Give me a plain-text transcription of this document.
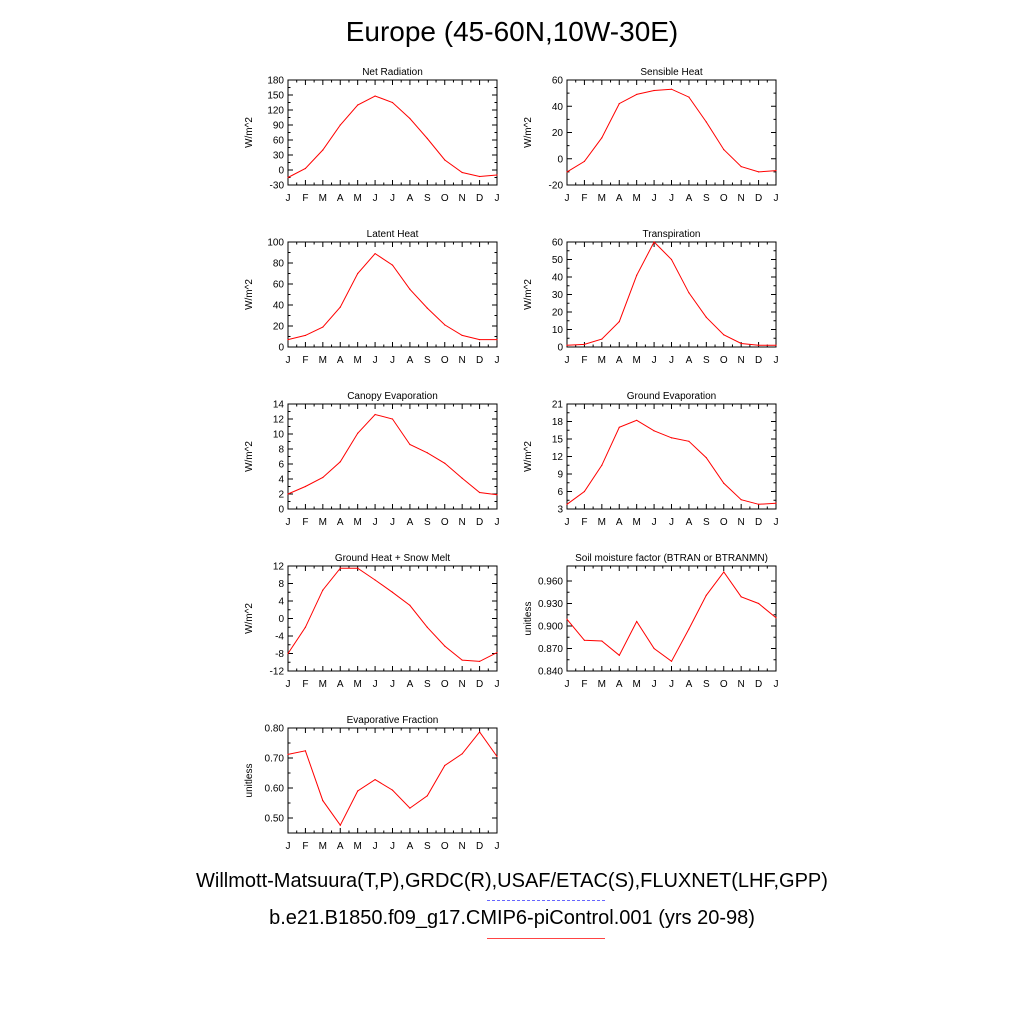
Europe (45-60N,10W-30E)
Net Radiation
W/m^2
J F M A M J J A S O N D J
-30
0
30
60
90
120
150
180
Sensible Heat
W/m^2
J F M A M J J A S O N D J
-20
0
20
40
60
Latent Heat
W/m^2
J F M A M J J A S O N D J
0
20
40
60
80
100
Transpiration
W/m^2
J F M A M J J A S O N D J
0
10
20
30
40
50
60
Canopy Evaporation
W/m^2
J F M A M J J A S O N D J
0
2
4
6
8
10
12
14
Ground Evaporation
W/m^2
J F M A M J J A S O N D J
3
6
9
12
15
18
21
Ground Heat + Snow Melt
W/m^2
J F M A M J J A S O N D J
-12
-8
-4
0
4
8
12
Soil moisture factor (BTRAN or BTRANMN)
unitless
J F M A M J J A S O N D J
0.840
0.870
0.900
0.930
0.960
Evaporative Fraction
unitless
J F M A M J J A S O N D J
0.50
0.60
0.70
0.80
Willmott-Matsuura(T,P),GRDC(R),USAF/ETAC(S),FLUXNET(LHF,GPP)
b.e21.B1850.f09_g17.CMIP6-piControl.001 (yrs 20-98)
